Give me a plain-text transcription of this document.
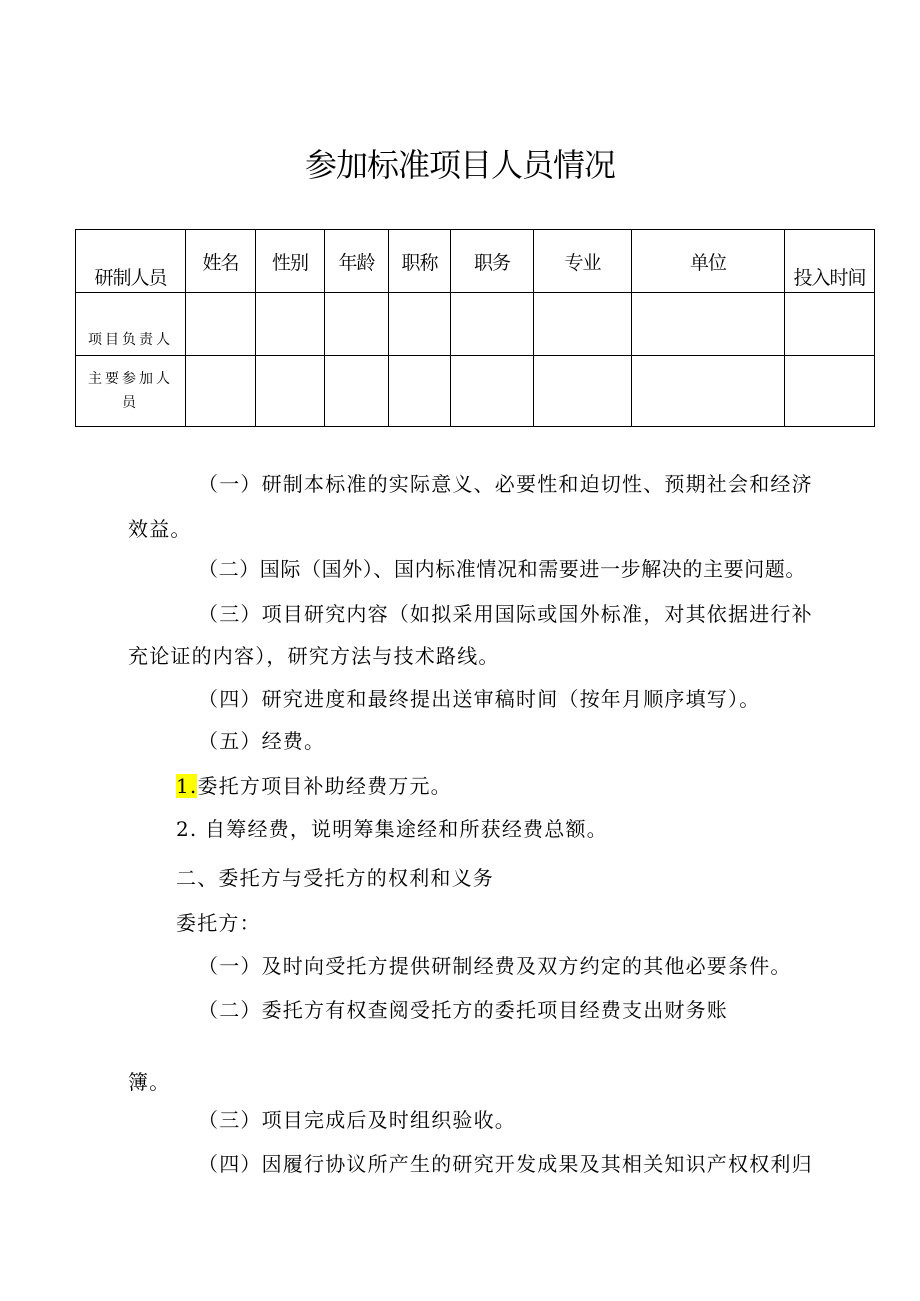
参加标准项目人员情况
研制人员	姓名	性别	年龄	职称	职务	专业	单位	投入时间
项目负责人								

主要参加人
员								

（一）研制本标准的实际意义、必要性和迫切性、预期社会和经济
效益。
（二）国际（国外）、国内标准情况和需要进一步解决的主要问题。
（三）项目研究内容（如拟采用国际或国外标准，对其依据进行补
充论证的内容），研究方法与技术路线。
（四）研究进度和最终提出送审稿时间（按年月顺序填写）。
（五）经费。
1.委托方项目补助经费万元。
2. 自筹经费，说明筹集途经和所获经费总额。
二、委托方与受托方的权利和义务
委托方：
（一）及时向受托方提供研制经费及双方约定的其他必要条件。
（二）委托方有权查阅受托方的委托项目经费支出财务账
簿。
（三）项目完成后及时组织验收。
（四）因履行协议所产生的研究开发成果及其相关知识产权权利归
